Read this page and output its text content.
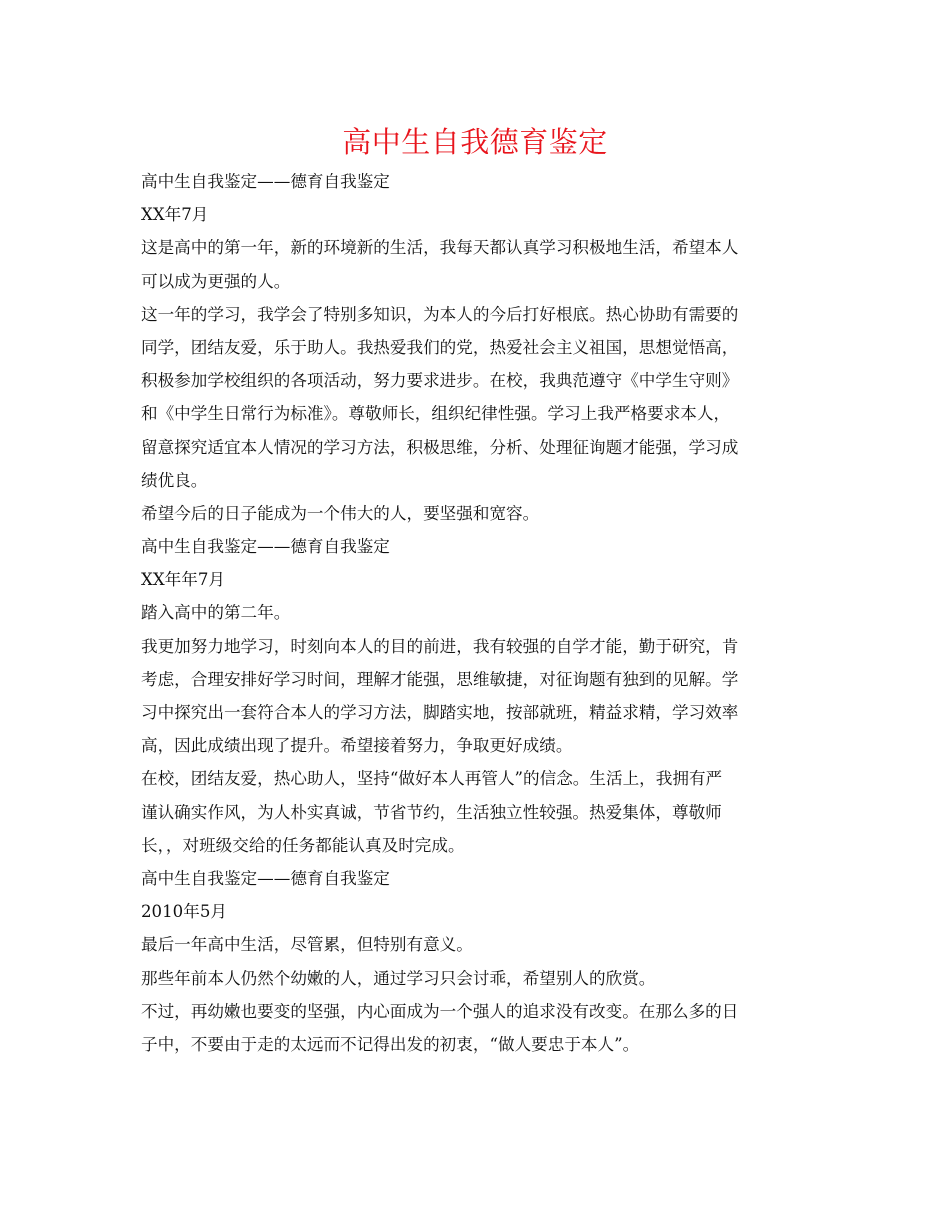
高中生自我德育鉴定
高中生自我鉴定——德育自我鉴定
XX年7月
这是高中的第一年，新的环境新的生活，我每天都认真学习积极地生活，希望本人
可以成为更强的人。
这一年的学习，我学会了特别多知识，为本人的今后打好根底。热心协助有需要的
同学，团结友爱，乐于助人。我热爱我们的党，热爱社会主义祖国，思想觉悟高，
积极参加学校组织的各项活动，努力要求进步。在校，我典范遵守《中学生守则》
和《中学生日常行为标准》。尊敬师长，组织纪律性强。学习上我严格要求本人，
留意探究适宜本人情况的学习方法，积极思维，分析、处理征询题才能强，学习成
绩优良。
希望今后的日子能成为一个伟大的人，要坚强和宽容。
高中生自我鉴定——德育自我鉴定
XX年年7月
踏入高中的第二年。
我更加努力地学习，时刻向本人的目的前进，我有较强的自学才能，勤于研究，肯
考虑，合理安排好学习时间，理解才能强，思维敏捷，对征询题有独到的见解。学
习中探究出一套符合本人的学习方法，脚踏实地，按部就班，精益求精，学习效率
高，因此成绩出现了提升。希望接着努力，争取更好成绩。
在校，团结友爱，热心助人，坚持“做好本人再管人”的信念。生活上，我拥有严
谨认确实作风，为人朴实真诚，节省节约，生活独立性较强。热爱集体，尊敬师
长，，对班级交给的任务都能认真及时完成。
高中生自我鉴定——德育自我鉴定
2010年5月
最后一年高中生活，尽管累，但特别有意义。
那些年前本人仍然个幼嫩的人，通过学习只会讨乖，希望别人的欣赏。
不过，再幼嫩也要变的坚强，内心面成为一个强人的追求没有改变。在那么多的日
子中，不要由于走的太远而不记得出发的初衷，“做人要忠于本人”。
